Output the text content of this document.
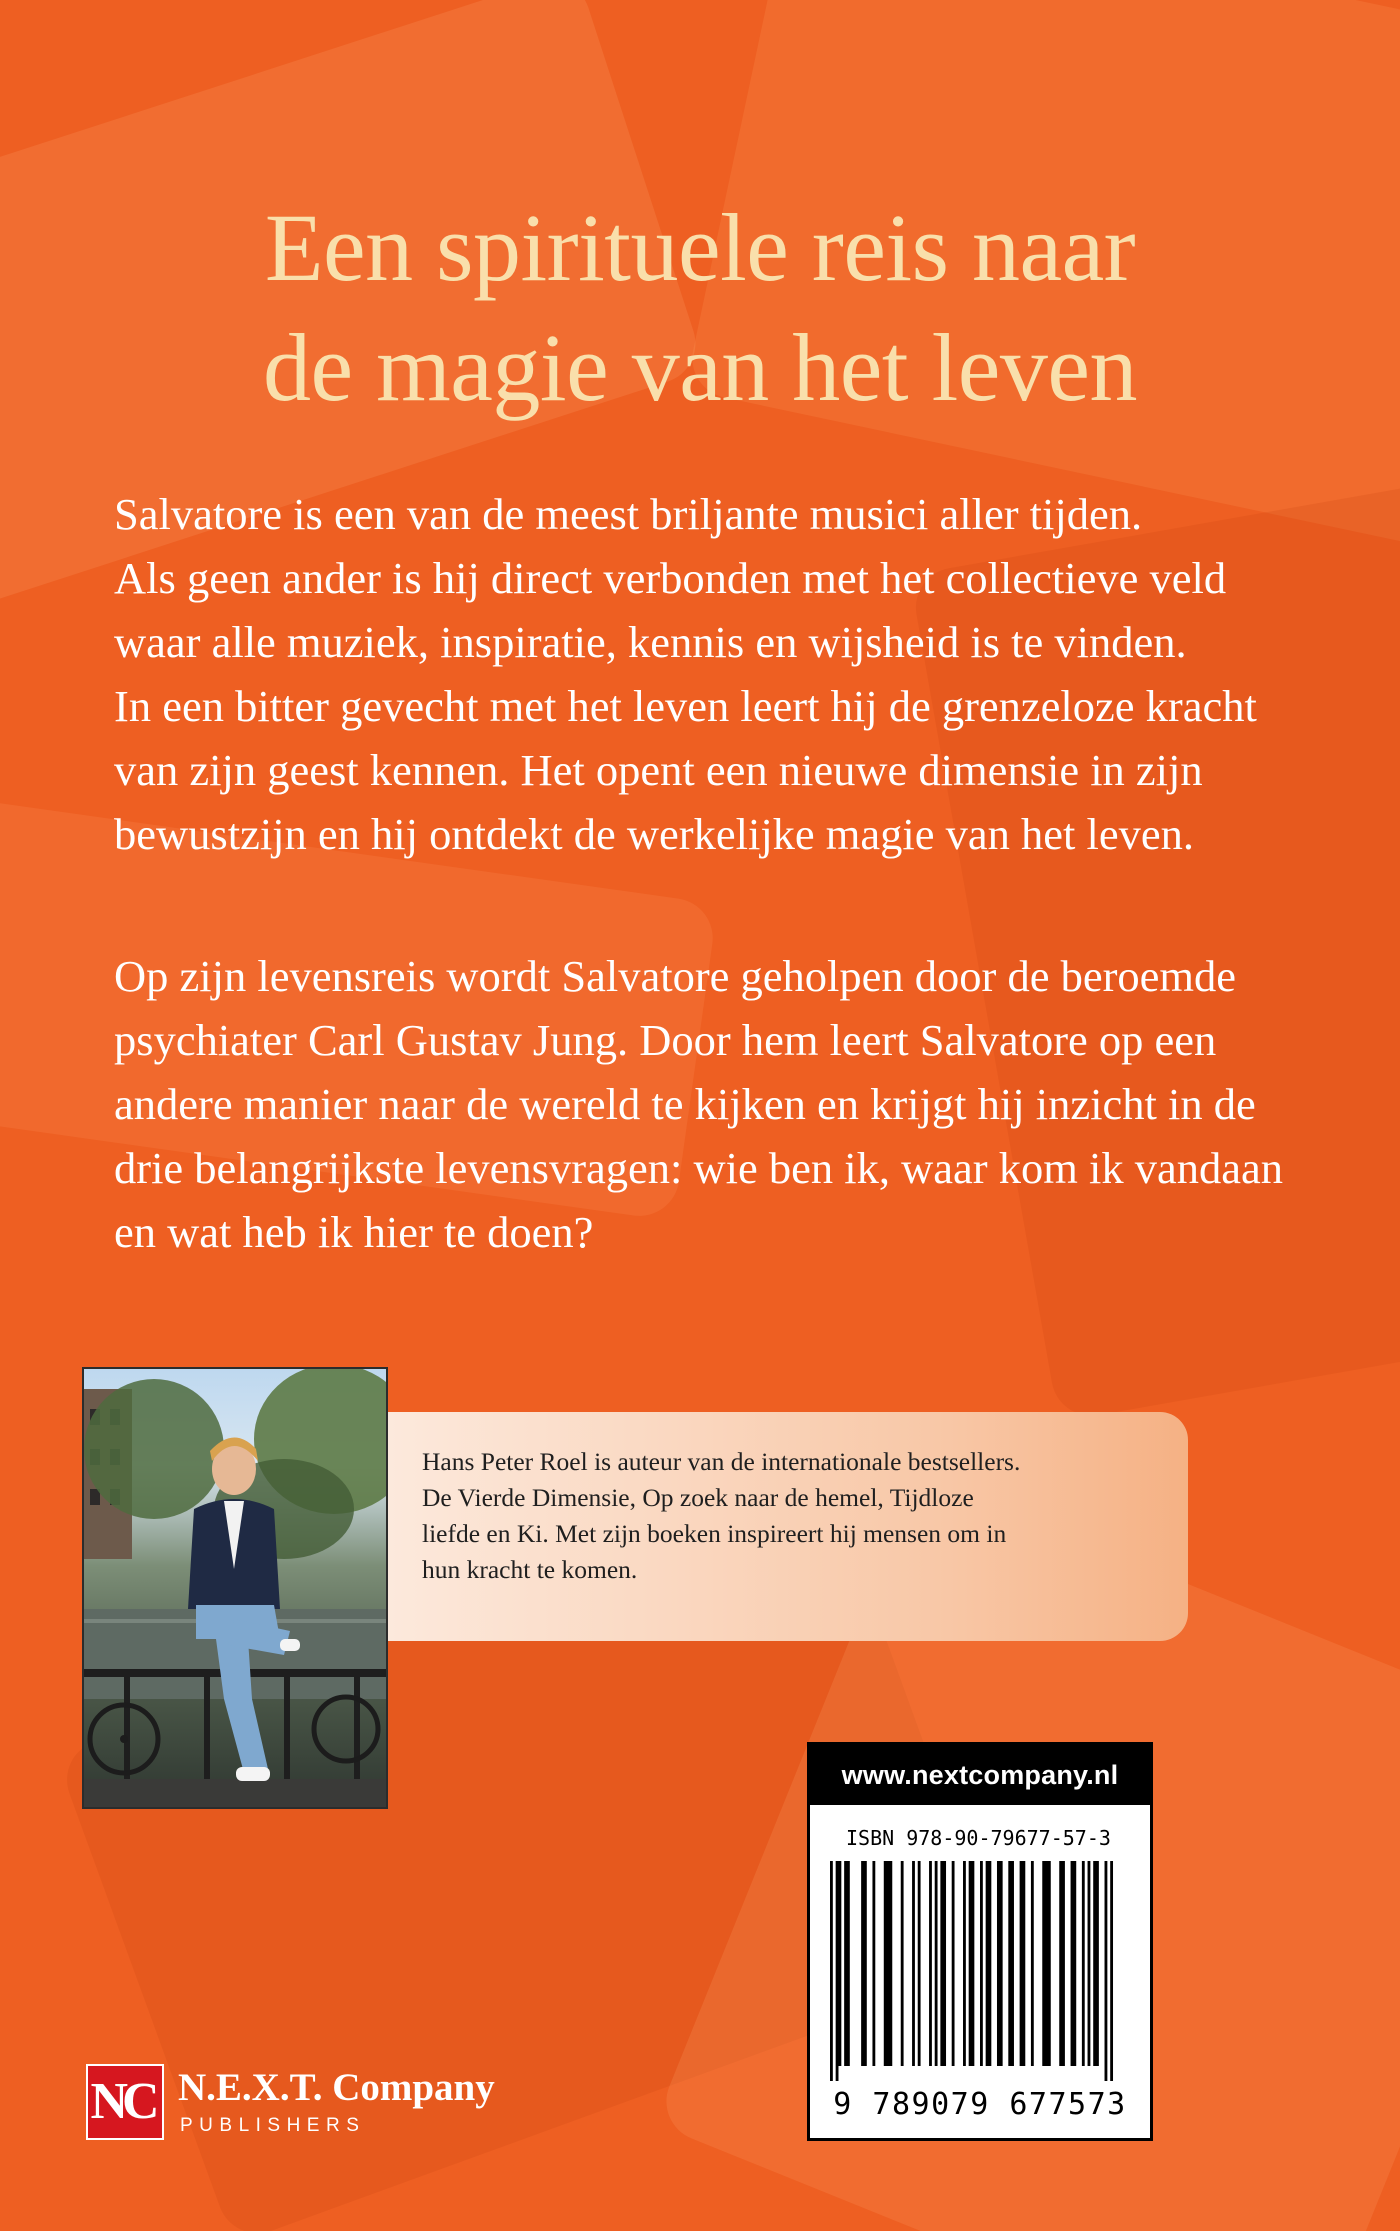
Een spirituele reis naar
de magie van het leven
Salvatore is een van de meest briljante musici aller tijden.
Als geen ander is hij direct verbonden met het collectieve veld
waar alle muziek, inspiratie, kennis en wijsheid is te vinden.
In een bitter gevecht met het leven leert hij de grenzeloze kracht
van zijn geest kennen. Het opent een nieuwe dimensie in zijn
bewustzijn en hij ontdekt de werkelijke magie van het leven.
Op zijn levensreis wordt Salvatore geholpen door de beroemde
psychiater Carl Gustav Jung. Door hem leert Salvatore op een
andere manier naar de wereld te kijken en krijgt hij inzicht in de
drie belangrijkste levensvragen: wie ben ik, waar kom ik vandaan
en wat heb ik hier te doen?
Hans Peter Roel is auteur van de internationale bestsellers.
De Vierde Dimensie, Op zoek naar de hemel, Tijdloze
liefde en Ki. Met zijn boeken inspireert hij mensen om in
hun kracht te komen.
www.nextcompany.nl
ISBN 978-90-79677-57-3
9 789079 677573
NC N.E.X.T. Company
PUBLISHERS
